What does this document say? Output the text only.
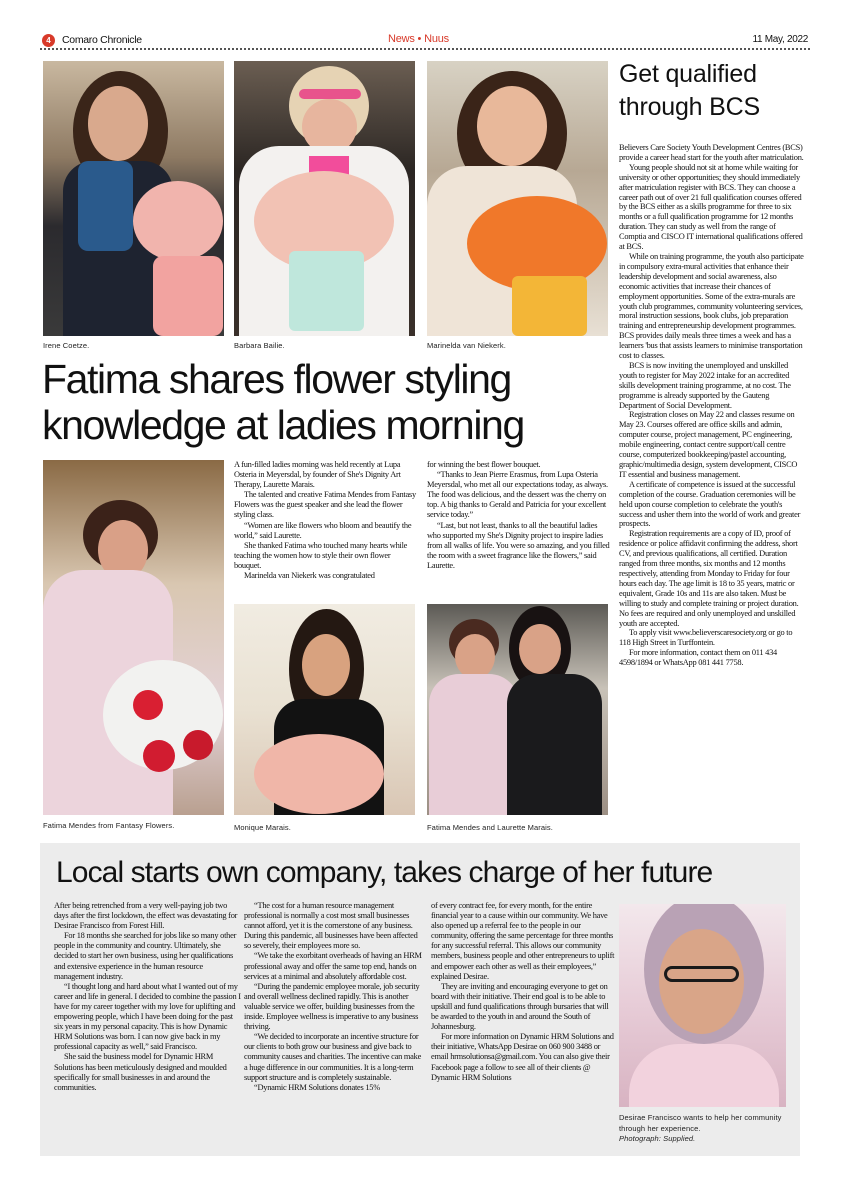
4	Comaro Chronicle	News • Nuus	11 May, 2022
Irene Coetze.	Barbara Bailie.	Marinelda van Niekerk.
Fatima shares flower styling
knowledge at ladies morning
Fatima Mendes from Fantasy Flowers.

A fun-filled ladies morning was held recently at Lupa Osteria in Meyersdal, by founder of She's Dignity Art Therapy, Laurette Marais.

The talented and creative Fatima Mendes from Fantasy Flowers was the guest speaker and she lead the flower styling class.

“Women are like flowers who bloom and beautify the world,” said Laurette.

She thanked Fatima who touched many hearts while teaching the women how to style their own flower bouquet.

Marinelda van Niekerk was congratulated

for winning the best flower bouquet.

“Thanks to Jean Pierre Erasmus, from Lupa Osteria Meyersdal, who met all our expectations today, as always. The food was delicious, and the dessert was the cherry on top. A big thanks to Gerald and Patricia for your excellent service today.”

“Last, but not least, thanks to all the beautiful ladies who supported my She's Dignity project to inspire ladies from all walks of life. You were so amazing, and you filled the room with a sweet fragrance like the flowers,” said Laurette.

Monique Marais.	Fatima Mendes and Laurette Marais.
Get qualified
through BCS

Believers Care Society Youth Development Centres (BCS) provide a career head start for the youth after matriculation.

Young people should not sit at home while waiting for university or other opportunities; they should immediately after matriculation register with BCS. They can choose a career path out of over 21 full qualification courses offered by the BCS either as a skills programme for three to six months or a full qualification programme for 12 months duration. They can study as well from the range of Comptia and CISCO IT international qualifications offered at BCS.

While on training programme, the youth also participate in compulsory extra-mural activities that enhance their leadership development and social awareness, also economic activities that increase their chances of employment opportunities. Some of the extra-murals are youth club programmes, community volunteering services, moral instruction sessions, book clubs, job preparation training and entrepreneurship development programmes. BCS provides daily meals three times a week and has a learners 'bus that assists learners to minimise transportation cost to classes.

BCS is now inviting the unemployed and unskilled youth to register for May 2022 intake for an accredited skills development training programme, at no cost. The programme is already supported by the Gauteng Department of Social Development.

Registration closes on May 22 and classes resume on May 23. Courses offered are office skills and admin, computer course, project management, PC engineering, mobile engineering, contact centre support/call centre course, computerized bookkeeping/pastel accounting, graphic/multimedia design, system development, CISCO IT essential and business management.

A certificate of competence is issued at the successful completion of the course. Graduation ceremonies will be held upon course completion to celebrate the youth's success and usher them into the world of work and greater prospects.

Registration requirements are a copy of ID, proof of residence or police affidavit confirming the address, short CV, and previous qualifications, all certified. Duration ranged from three months, six months and 12 months respectively, attending from Monday to Friday for four hours each day. The age limit is 18 to 35 years, matric or equivalent, Grade 10s and 11s are also taken. Must be willing to study and complete training or project duration. No fees are required and only unemployed and unskilled youth are accepted.

To apply visit www.believerscaresociety.org or go to 118 High Street in Turffontein.

For more information, contact them on 011 434 4598/1894 or WhatsApp 081 441 7758.

Local starts own company, takes charge of her future

After being retrenched from a very well-paying job two days after the first lockdown, the effect was devastating for Desirae Francisco from Forest Hill.

For 18 months she searched for jobs like so many other people in the community and country. Ultimately, she decided to start her own business, using her qualifications and extensive experience in the human resource management industry.

“I thought long and hard about what I wanted out of my career and life in general. I decided to combine the passion I have for my career together with my love for uplifting and empowering people, which I have been doing for the past six years in my personal capacity. This is how Dynamic HRM Solutions was born. I can now give back in my professional capacity as well,” said Francisco.

She said the business model for Dynamic HRM Solutions has been meticulously designed and moulded specifically for small businesses in and around the communities.

“The cost for a human resource management professional is normally a cost most small businesses cannot afford, yet it is the cornerstone of any business. During this pandemic, all businesses have been affected so severely, their employees more so.

“We take the exorbitant overheads of having an HRM professional away and offer the same top end, hands on services at a minimal and absolutely affordable cost.

“During the pandemic employee morale, job security and overall wellness declined rapidly. This is another valuable service we offer, building businesses from the inside. Employee wellness is imperative to any business thriving.

“We decided to incorporate an incentive structure for our clients to both grow our business and give back to community causes and charities. The incentive can make a huge difference in our communities. It is a long-term support structure and is completely sustainable.

“Dynamic HRM Solutions donates 15%

of every contract fee, for every month, for the entire financial year to a cause within our community. We have also opened up a referral fee to the people in our community, offering the same percentage for three months for any successful referral. This allows our community members, business people and other entrepreneurs to uplift and empower each other as well as their employees,” explained Desirae.

They are inviting and encouraging everyone to get on board with their initiative. Their end goal is to be able to upskill and fund qualifications through bursaries that will be awarded to the youth in and around the South of Johannesburg.

For more information on Dynamic HRM Solutions and their initiative, WhatsApp Desirae on 060 900 3488 or email hrmsolutionsa@gmail.com. You can also give their Facebook page a follow to see all of their clients @ Dynamic HRM Solutions

Desirae Francisco wants to help her community through her experience.
Photograph: Supplied.
